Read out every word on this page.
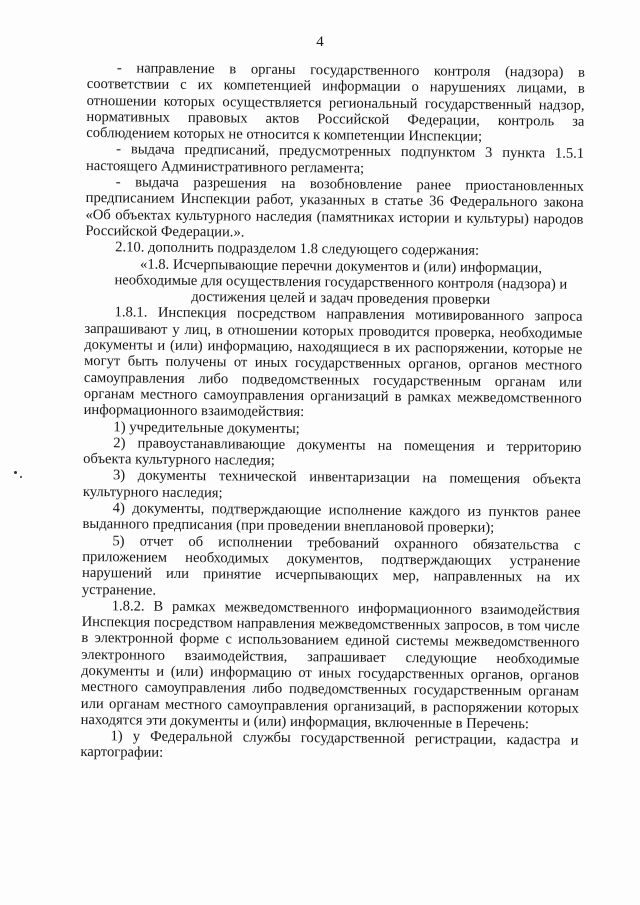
4

- направление в органы государственного контроля (надзора) в соответствии с их компетенцией информации о нарушениях лицами, в отношении которых осуществляется региональный государственный надзор, нормативных правовых актов Российской Федерации, контроль за соблюдением которых не относится к компетенции Инспекции;

- выдача предписаний, предусмотренных подпунктом 3 пункта 1.5.1 настоящего Административного регламента;

- выдача разрешения на возобновление ранее приостановленных предписанием Инспекции работ, указанных в статье 36 Федерального закона «Об объектах культурного наследия (памятниках истории и культуры) народов Российской Федерации.».

2.10. дополнить подразделом 1.8 следующего содержания:

«1.8. Исчерпывающие перечни документов и (или) информации,

необходимые для осуществления государственного контроля (надзора) и

достижения целей и задач проведения проверки

1.8.1. Инспекция посредством направления мотивированного запроса запрашивают у лиц, в отношении которых проводится проверка, необходимые документы и (или) информацию, находящиеся в их распоряжении, которые не могут быть получены от иных государственных органов, органов местного самоуправления либо подведомственных государственным органам или органам местного самоуправления организаций в рамках межведомственного информационного взаимодействия:

1) учредительные документы;

2) правоустанавливающие документы на помещения и территорию объекта культурного наследия;

3) документы технической инвентаризации на помещения объекта культурного наследия;

4) документы, подтверждающие исполнение каждого из пунктов ранее выданного предписания (при проведении внеплановой проверки);

5) отчет об исполнении требований охранного обязательства с приложением необходимых документов, подтверждающих устранение нарушений или принятие исчерпывающих мер, направленных на их устранение.

1.8.2. В рамках межведомственного информационного взаимодействия Инспекция посредством направления межведомственных запросов, в том числе в электронной форме с использованием единой системы межведомственного электронного взаимодействия, запрашивает следующие необходимые документы и (или) информацию от иных государственных органов, органов местного самоуправления либо подведомственных государственным органам или органам местного самоуправления организаций, в распоряжении которых находятся эти документы и (или) информация, включенные в Перечень:

1) у Федеральной службы государственной регистрации, кадастра и картографии:
